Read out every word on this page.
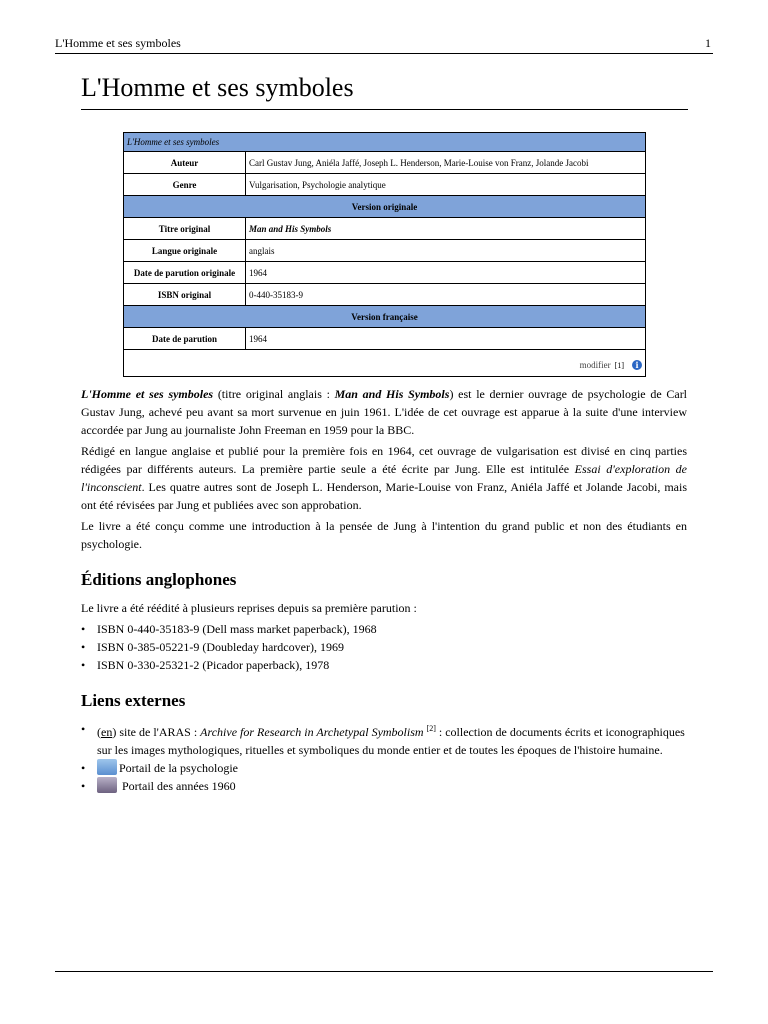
L'Homme et ses symboles	1
L'Homme et ses symboles
L'Homme et ses symboles	
Auteur	Carl Gustav Jung, Aniéla Jaffé, Joseph L. Henderson, Marie-Louise von Franz, Jolande Jacobi
Genre	Vulgarisation, Psychologie analytique
Version originale	
Titre original	Man and His Symbols
Langue originale	anglais
Date de parution originale	1964
ISBN original	0-440-35183-9
Version française	
Date de parution	1964

modifier [1] i	

L'Homme et ses symboles (titre original anglais : Man and His Symbols) est le dernier ouvrage de psychologie de Carl Gustav Jung, achevé peu avant sa mort survenue en juin 1961. L'idée de cet ouvrage est apparue à la suite d'une interview accordée par Jung au journaliste John Freeman en 1959 pour la BBC.

Rédigé en langue anglaise et publié pour la première fois en 1964, cet ouvrage de vulgarisation est divisé en cinq parties rédigées par différents auteurs. La première partie seule a été écrite par Jung. Elle est intitulée Essai d'exploration de l'inconscient. Les quatre autres sont de Joseph L. Henderson, Marie-Louise von Franz, Aniéla Jaffé et Jolande Jacobi, mais ont été révisées par Jung et publiées avec son approbation.

Le livre a été conçu comme une introduction à la pensée de Jung à l'intention du grand public et non des étudiants en psychologie.

Éditions anglophones

Le livre a été réédité à plusieurs reprises depuis sa première parution :

• ISBN 0-440-35183-9 (Dell mass market paperback), 1968
• ISBN 0-385-05221-9 (Doubleday hardcover), 1969
• ISBN 0-330-25321-2 (Picador paperback), 1978
Liens externes
• (en) site de l'ARAS : Archive for Research in Archetypal Symbolism [2] : collection de documents écrits et iconographiques sur les images mythologiques, rituelles et symboliques du monde entier et de toutes les époques de l'histoire humaine.
• Portail de la psychologie
• Portail des années 1960
